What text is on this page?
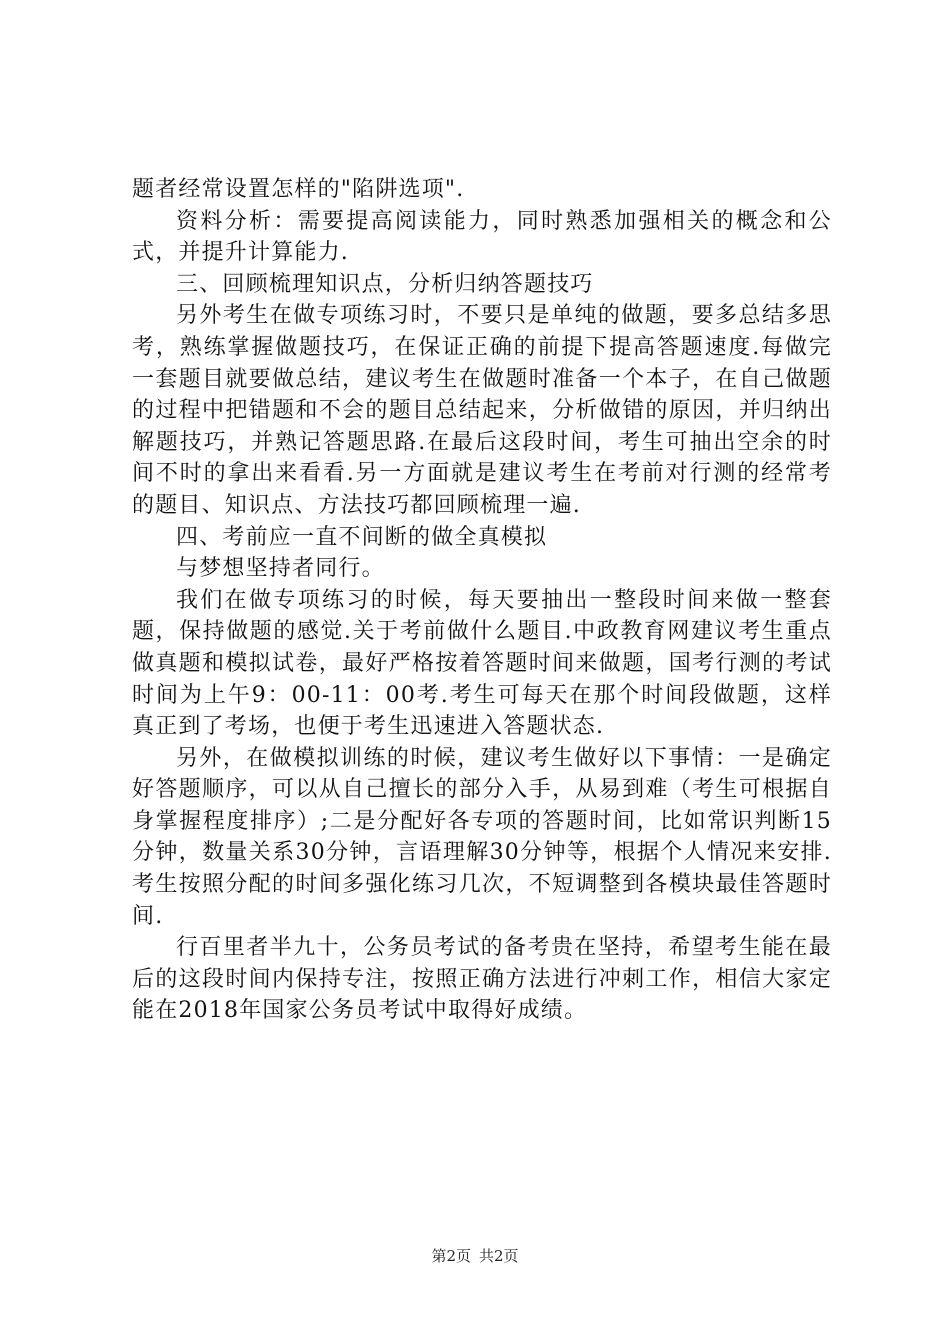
题者经常设置怎样的"陷阱选项".

资料分析：需要提高阅读能力，同时熟悉加强相关的概念和公式，并提升计算能力.

三、回顾梳理知识点，分析归纳答题技巧

另外考生在做专项练习时，不要只是单纯的做题，要多总结多思考，熟练掌握做题技巧，在保证正确的前提下提高答题速度.每做完一套题目就要做总结，建议考生在做题时准备一个本子，在自己做题的过程中把错题和不会的题目总结起来，分析做错的原因，并归纳出解题技巧，并熟记答题思路.在最后这段时间，考生可抽出空余的时间不时的拿出来看看.另一方面就是建议考生在考前对行测的经常考的题目、知识点、方法技巧都回顾梳理一遍.

四、考前应一直不间断的做全真模拟

与梦想坚持者同行。

我们在做专项练习的时候，每天要抽出一整段时间来做一整套题，保持做题的感觉.关于考前做什么题目.中政教育网建议考生重点做真题和模拟试卷，最好严格按着答题时间来做题，国考行测的考试时间为上午9：00-11：00考.考生可每天在那个时间段做题，这样真正到了考场，也便于考生迅速进入答题状态.

另外，在做模拟训练的时候，建议考生做好以下事情：一是确定好答题顺序，可以从自己擅长的部分入手，从易到难（考生可根据自身掌握程度排序）;二是分配好各专项的答题时间，比如常识判断15分钟，数量关系30分钟，言语理解30分钟等，根据个人情况来安排.考生按照分配的时间多强化练习几次，不短调整到各模块最佳答题时间.

行百里者半九十，公务员考试的备考贵在坚持，希望考生能在最后的这段时间内保持专注，按照正确方法进行冲刺工作，相信大家定能在2018年国家公务员考试中取得好成绩。

第2页 共2页
